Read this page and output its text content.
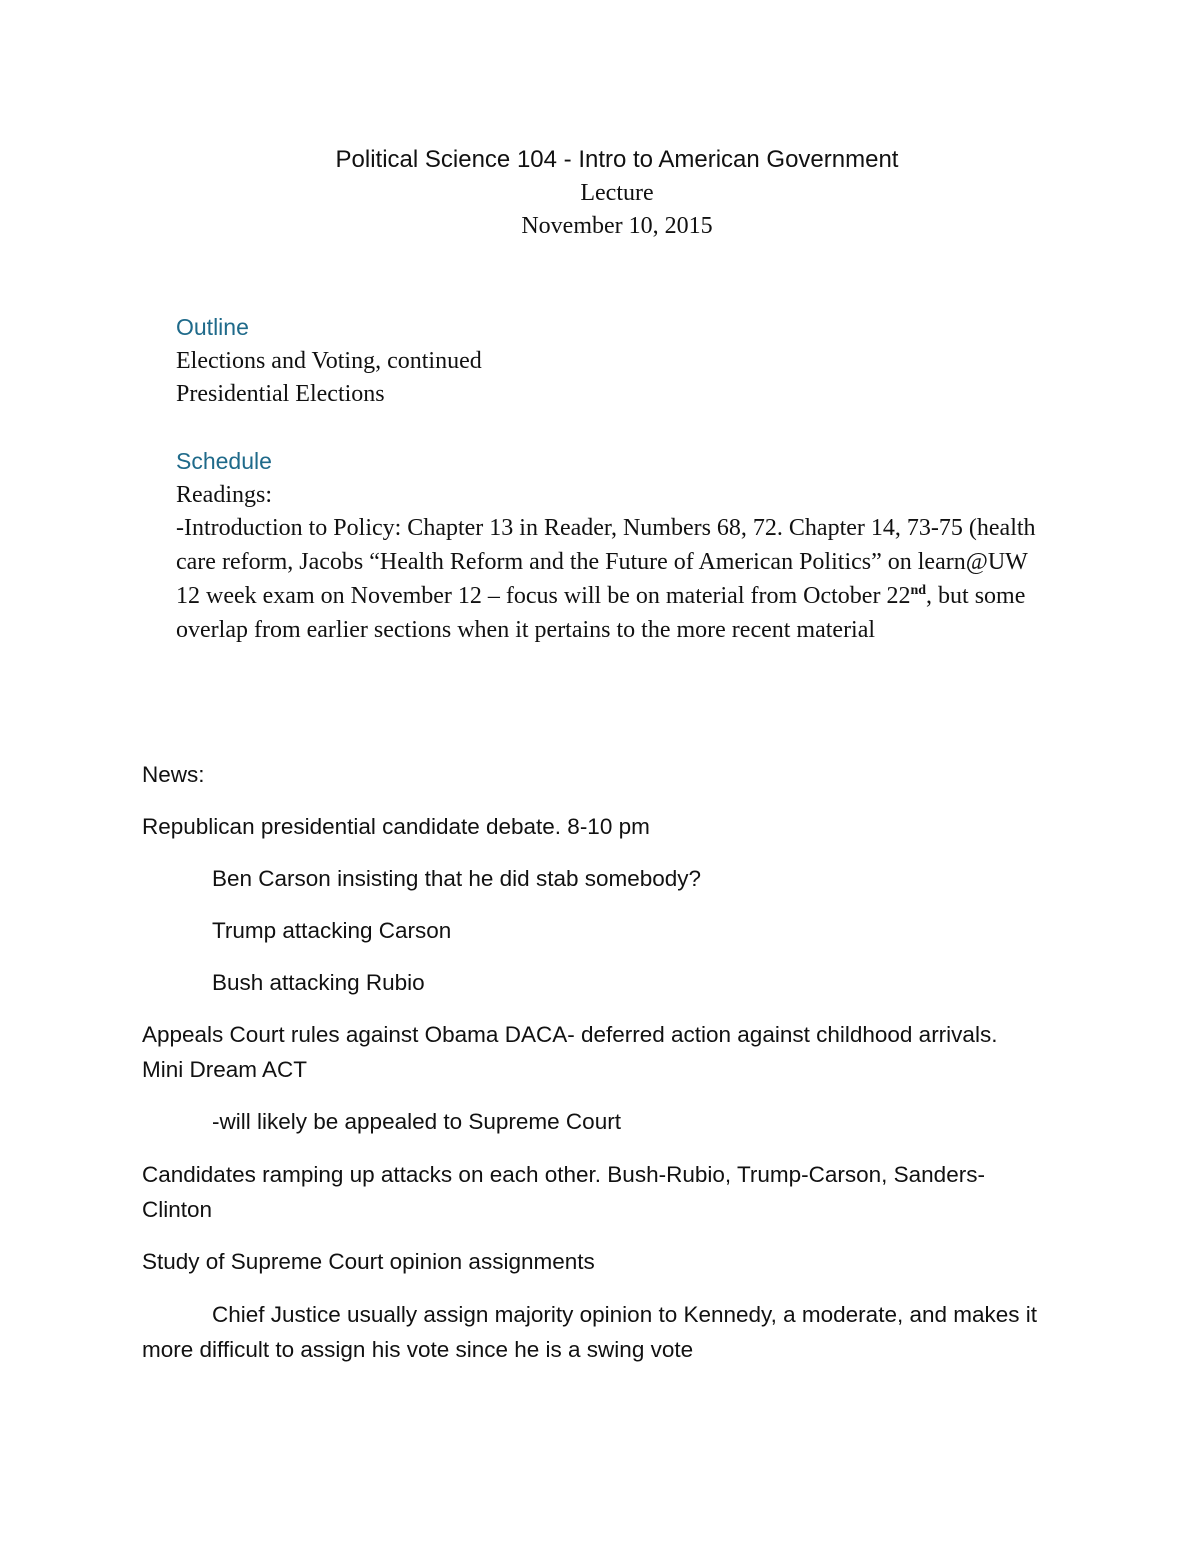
Political Science 104 - Intro to American Government
Lecture
November 10, 2015
Outline
Elections and Voting, continued
Presidential Elections
Schedule
Readings:
-Introduction to Policy: Chapter 13 in Reader, Numbers 68, 72. Chapter 14, 73-75 (health care reform, Jacobs “Health Reform and the Future of American Politics” on learn@UW
12 week exam on November 12 – focus will be on material from October 22nd, but some overlap from earlier sections when it pertains to the more recent material
News:
Republican presidential candidate debate. 8-10 pm
Ben Carson insisting that he did stab somebody?
Trump attacking Carson
Bush attacking Rubio
Appeals Court rules against Obama DACA- deferred action against childhood arrivals. Mini Dream ACT
-will likely be appealed to Supreme Court
Candidates ramping up attacks on each other. Bush-Rubio, Trump-Carson, Sanders-Clinton
Study of Supreme Court opinion assignments
Chief Justice usually assign majority opinion to Kennedy, a moderate, and makes it more difficult to assign his vote since he is a swing vote
